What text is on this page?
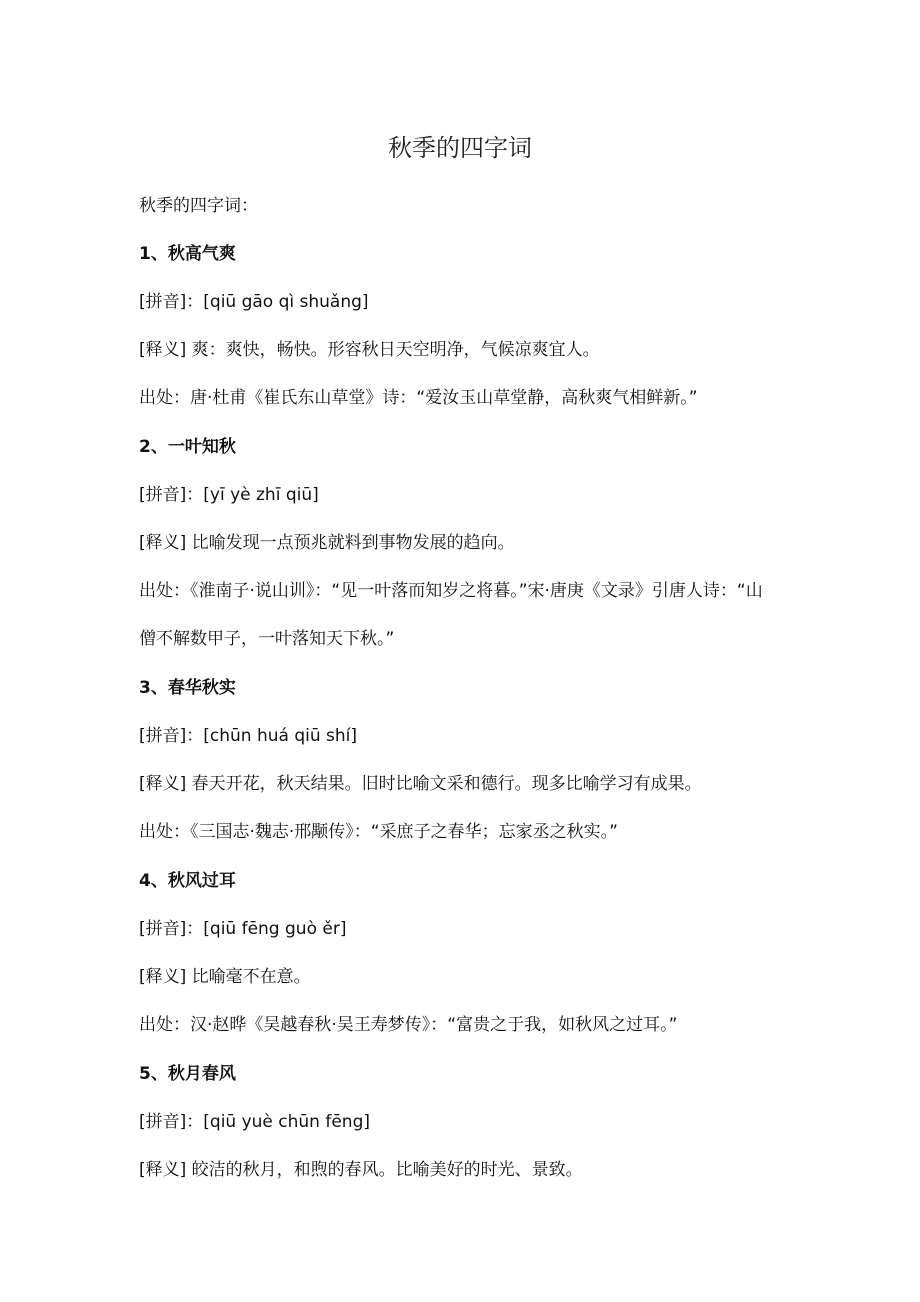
秋季的四字词
秋季的四字词：
1、秋高气爽
[拼音]：[qiū gāo qì shuǎng]
[释义] 爽：爽快，畅快。形容秋日天空明净，气候凉爽宜人。
出处：唐·杜甫《崔氏东山草堂》诗：“爱汝玉山草堂静，高秋爽气相鲜新。”
2、一叶知秋
[拼音]：[yī yè zhī qiū]
[释义] 比喻发现一点预兆就料到事物发展的趋向。
出处：《淮南子·说山训》：“见一叶落而知岁之将暮。”宋·唐庚《文录》引唐人诗：“山
僧不解数甲子，一叶落知天下秋。”
3、春华秋实
[拼音]：[chūn huá qiū shí]
[释义] 春天开花，秋天结果。旧时比喻文采和德行。现多比喻学习有成果。
出处：《三国志·魏志·邢颙传》：“采庶子之春华；忘家丞之秋实。”
4、秋风过耳
[拼音]：[qiū fēng guò ěr]
[释义] 比喻毫不在意。
出处：汉·赵晔《吴越春秋·吴王寿梦传》：“富贵之于我，如秋风之过耳。”
5、秋月春风
[拼音]：[qiū yuè chūn fēng]
[释义] 皎洁的秋月，和煦的春风。比喻美好的时光、景致。
